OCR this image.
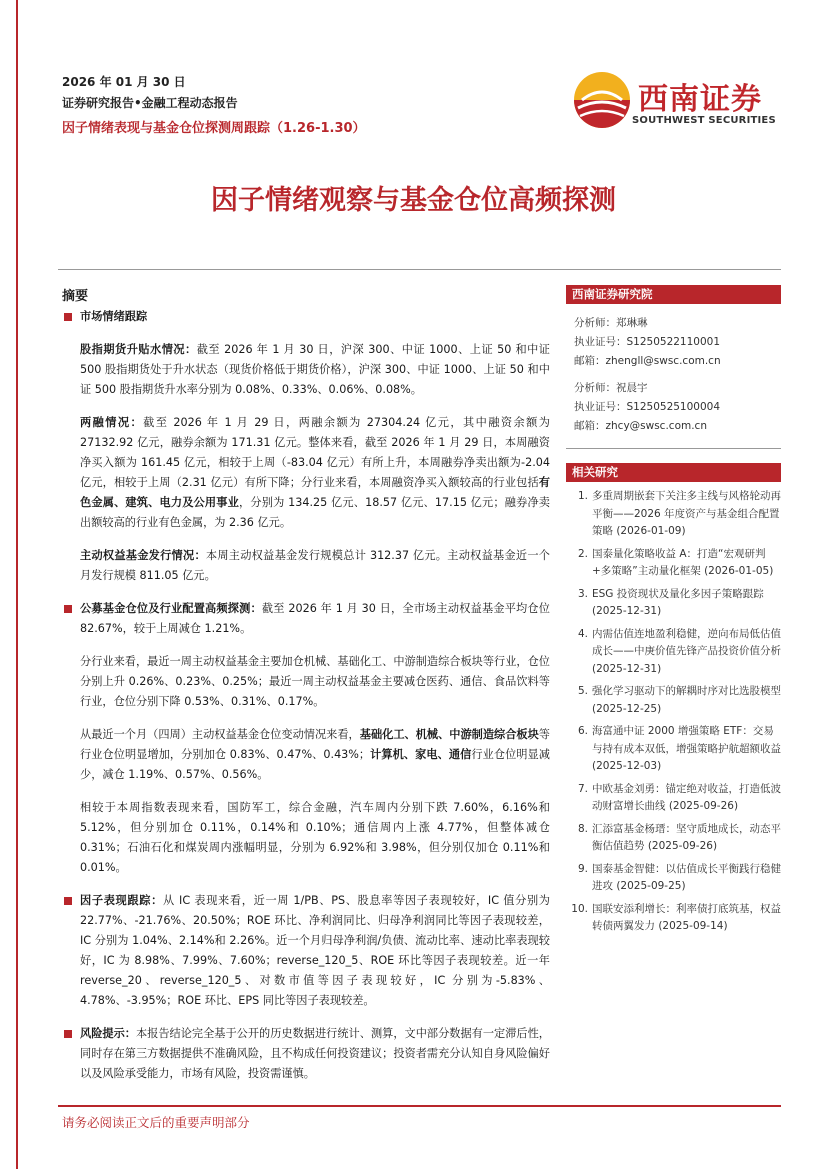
2026 年 01 月 30 日
证券研究报告•金融工程动态报告
因子情绪表现与基金仓位探测周跟踪（1.26-1.30）
西南证券
SOUTHWEST SECURITIES
因子情绪观察与基金仓位高频探测
摘要
市场情绪跟踪

股指期货升贴水情况：截至 2026 年 1 月 30 日，沪深 300、中证 1000、上证 50 和中证 500 股指期货处于升水状态（现货价格低于期货价格），沪深 300、中证 1000、上证 50 和中证 500 股指期货升水率分别为 0.08%、0.33%、0.06%、0.08%。

两融情况：截至 2026 年 1 月 29 日，两融余额为 27304.24 亿元，其中融资余额为 27132.92 亿元，融券余额为 171.31 亿元。整体来看，截至 2026 年 1 月 29 日，本周融资净买入额为 161.45 亿元，相较于上周（-83.04 亿元）有所上升，本周融券净卖出额为-2.04 亿元，相较于上周（2.31 亿元）有所下降；分行业来看，本周融资净买入额较高的行业包括有色金属、建筑、电力及公用事业，分别为 134.25 亿元、18.57 亿元、17.15 亿元；融券净卖出额较高的行业有色金属，为 2.36 亿元。

主动权益基金发行情况：本周主动权益基金发行规模总计 312.37 亿元。主动权益基金近一个月发行规模 811.05 亿元。

公募基金仓位及行业配置高频探测：截至 2026 年 1 月 30 日，全市场主动权益基金平均仓位 82.67%，较于上周减仓 1.21%。

分行业来看，最近一周主动权益基金主要加仓机械、基础化工、中游制造综合板块等行业，仓位分别上升 0.26%、0.23%、0.25%；最近一周主动权益基金主要减仓医药、通信、食品饮料等行业，仓位分别下降 0.53%、0.31%、0.17%。

从最近一个月（四周）主动权益基金仓位变动情况来看，基础化工、机械、中游制造综合板块等行业仓位明显增加，分别加仓 0.83%、0.47%、0.43%；计算机、家电、通信行业仓位明显减少，减仓 1.19%、0.57%、0.56%。

相较于本周指数表现来看，国防军工，综合金融，汽车周内分别下跌 7.60%，6.16%和 5.12%，但分别加仓 0.11%，0.14%和 0.10%；通信周内上涨 4.77%，但整体减仓 0.31%；石油石化和煤炭周内涨幅明显，分别为 6.92%和 3.98%，但分别仅加仓 0.11%和 0.01%。

因子表现跟踪：从 IC 表现来看，近一周 1/PB、PS、股息率等因子表现较好，IC 值分别为 22.77%、-21.76%、20.50%；ROE 环比、净利润同比、归母净利润同比等因子表现较差，IC 分别为 1.04%、2.14%和 2.26%。近一个月归母净利润/负债、流动比率、速动比率表现较好，IC 为 8.98%、7.99%、7.60%；reverse_120_5、ROE 环比等因子表现较差。近一年 reverse_20、reverse_120_5、对数市值等因子表现较好，IC 分别为-5.83%、4.78%、-3.95%；ROE 环比、EPS 同比等因子表现较差。

风险提示：本报告结论完全基于公开的历史数据进行统计、测算，文中部分数据有一定滞后性，同时存在第三方数据提供不准确风险，且不构成任何投资建议；投资者需充分认知自身风险偏好以及风险承受能力，市场有风险，投资需谨慎。

西南证券研究院
分析师：郑琳琳
执业证号：S1250522110001
邮箱：zhengll@swsc.com.cn
分析师：祝晨宇
执业证号：S1250525100004
邮箱：zhcy@swsc.com.cn
相关研究
1. 多重周期嵌套下关注多主线与风格轮动再平衡——2026 年度资产与基金组合配置策略 (2026-01-09)
2. 国泰量化策略收益 A：打造“宏观研判+多策略”主动量化框架 (2026-01-05)
3. ESG 投资现状及量化多因子策略跟踪 (2025-12-31)
4. 内需估值连地盈利稳健，逆向布局低估值成长——中庚价值先锋产品投资价值分析 (2025-12-31)
5. 强化学习驱动下的解耦时序对比选股模型 (2025-12-25)
6. 海富通中证 2000 增强策略 ETF：交易与持有成本双低，增强策略护航超额收益 (2025-12-03)
7. 中欧基金刘勇：锚定绝对收益，打造低波动财富增长曲线 (2025-09-26)
8. 汇添富基金杨瑨：坚守质地成长，动态平衡估值趋势 (2025-09-26)
9. 国泰基金智健：以估值成长平衡践行稳健进攻 (2025-09-25)
10. 国联安添利增长：利率债打底筑基，权益转债两翼发力 (2025-09-14)
请务必阅读正文后的重要声明部分
